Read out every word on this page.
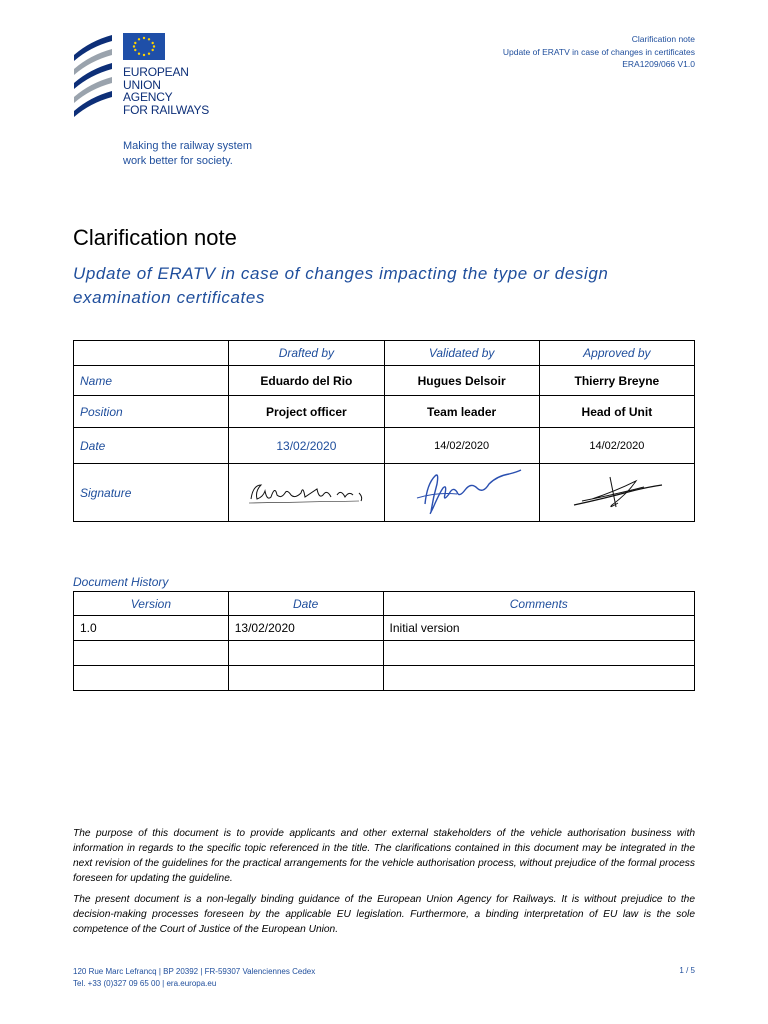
Clarification note
Update of ERATV in case of changes in certificates
ERA1209/066 V1.0
EUROPEAN
UNION
AGENCY
FOR RAILWAYS
Making the railway system
work better for society.
Clarification note
Update of ERATV in case of changes impacting the type or design examination certificates
	Drafted by	Validated by	Approved by
Name	Eduardo del Rio	Hugues Delsoir	Thierry Breyne
Position	Project officer	Team leader	Head of Unit
Date	13/02/2020	14/02/2020	14/02/2020
Signature			
Document History
Version	Date	Comments
1.0	13/02/2020	Initial version

The purpose of this document is to provide applicants and other external stakeholders of the vehicle authorisation business with information in regards to the specific topic referenced in the title. The clarifications contained in this document may be integrated in the next revision of the guidelines for the practical arrangements for the vehicle authorisation process, without prejudice of the formal process foreseen for updating the guideline.
The present document is a non-legally binding guidance of the European Union Agency for Railways. It is without prejudice to the decision-making processes foreseen by the applicable EU legislation. Furthermore, a binding interpretation of EU law is the sole competence of the Court of Justice of the European Union.
120 Rue Marc Lefrancq | BP 20392 | FR-59307 Valenciennes Cedex
Tel. +33 (0)327 09 65 00 | era.europa.eu
1 / 5
